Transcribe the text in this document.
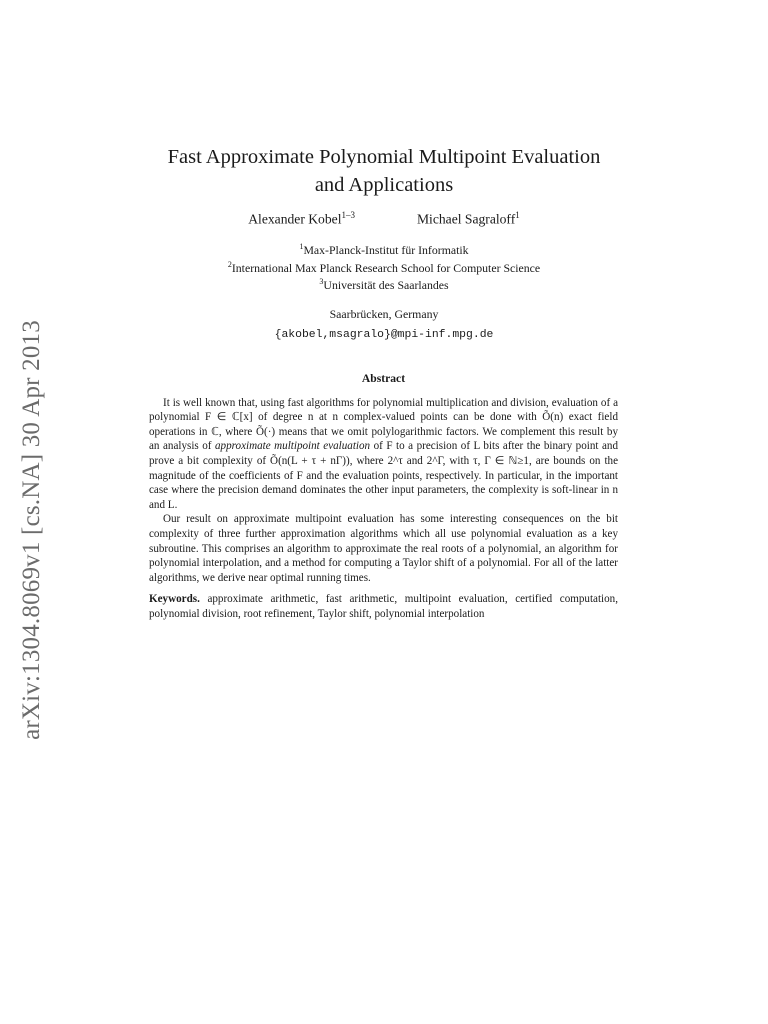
arXiv:1304.8069v1 [cs.NA] 30 Apr 2013
Fast Approximate Polynomial Multipoint Evaluation
and Applications
Alexander Kobel$^{1-3}$	Michael Sagraloff$^1$
$^1$Max-Planck-Institut für Informatik
$^2$International Max Planck Research School for Computer Science
$^3$Universität des Saarlandes
Saarbrücken, Germany
{akobel,msagralo}@mpi-inf.mpg.de
Abstract

It is well known that, using fast algorithms for polynomial multiplication and division, evaluation of a polynomial F ∈ ℂ[x] of degree n at n complex-valued points can be done with Õ(n) exact field operations in ℂ, where Õ(·) means that we omit polylogarithmic factors. We complement this result by an analysis of approximate multipoint evaluation of F to a precision of L bits after the binary point and prove a bit complexity of Õ(n(L + τ + nΓ)), where 2^τ and 2^Γ, with τ, Γ ∈ ℕ≥1, are bounds on the magnitude of the coefficients of F and the evaluation points, respectively. In particular, in the important case where the precision demand dominates the other input parameters, the complexity is soft-linear in n and L.

Our result on approximate multipoint evaluation has some interesting consequences on the bit complexity of three further approximation algorithms which all use polynomial evaluation as a key subroutine. This comprises an algorithm to approximate the real roots of a polynomial, an algorithm for polynomial interpolation, and a method for computing a Taylor shift of a polynomial. For all of the latter algorithms, we derive near optimal running times.

Keywords. approximate arithmetic, fast arithmetic, multipoint evaluation, certified computation, polynomial division, root refinement, Taylor shift, polynomial interpolation
